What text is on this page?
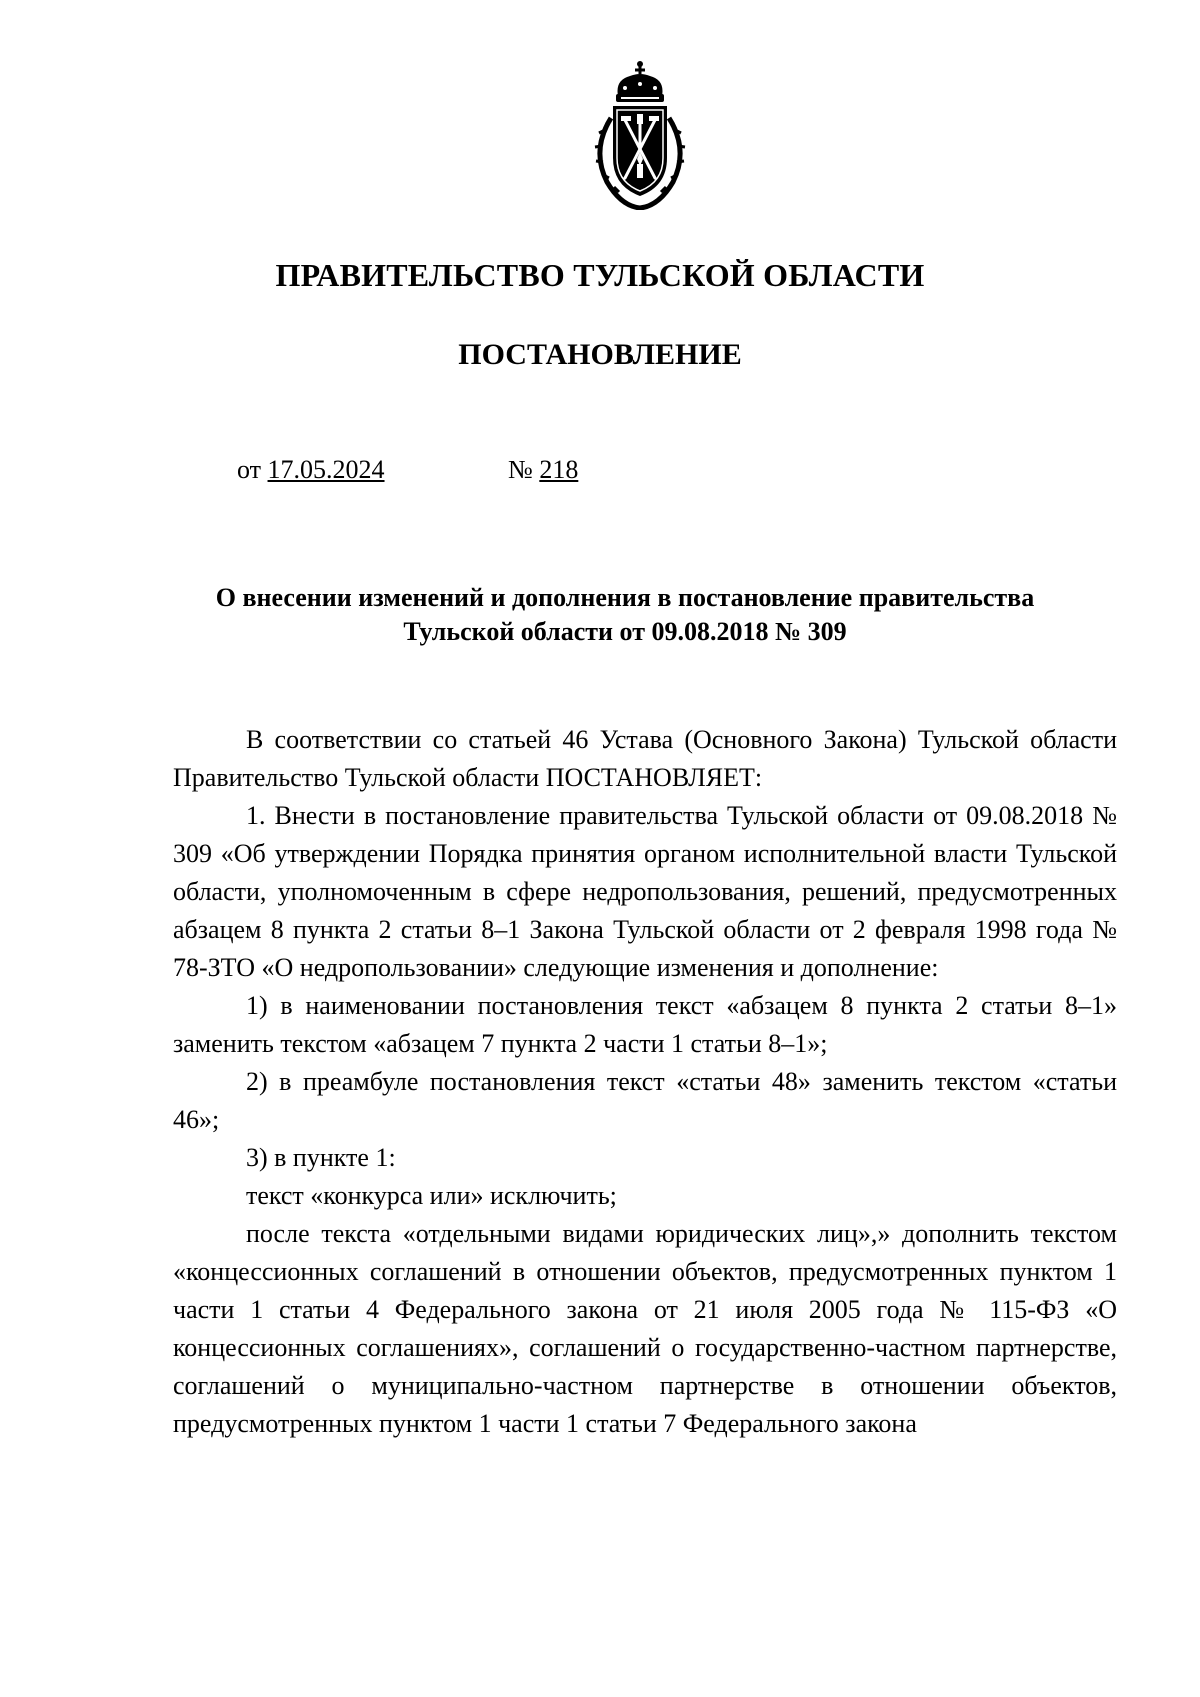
ПРАВИТЕЛЬСТВО ТУЛЬСКОЙ ОБЛАСТИ
ПОСТАНОВЛЕНИЕ
от 17.05.2024	№ 218
О внесении изменений и дополнения в постановление правительства
Тульской области от 09.08.2018 № 309

В соответствии со статьей 46 Устава (Основного Закона) Тульской области Правительство Тульской области ПОСТАНОВЛЯЕТ:

1. Внести в постановление правительства Тульской области от 09.08.2018 № 309 «Об утверждении Порядка принятия органом исполнительной власти Тульской области, уполномоченным в сфере недропользования, решений, предусмотренных абзацем 8 пункта 2 статьи 8–1 Закона Тульской области от 2 февраля 1998 года № 78-ЗТО «О недропользовании» следующие изменения и дополнение:

1) в наименовании постановления текст «абзацем 8 пункта 2 статьи 8–1» заменить текстом «абзацем 7 пункта 2 части 1 статьи 8–1»;

2) в преамбуле постановления текст «статьи 48» заменить текстом «статьи 46»;

3) в пункте 1:

текст «конкурса или» исключить;

после текста «отдельными видами юридических лиц»,» дополнить текстом «концессионных соглашений в отношении объектов, предусмотренных пунктом 1 части 1 статьи 4 Федерального закона от 21 июля 2005 года № 115-ФЗ «О концессионных соглашениях», соглашений о государственно-частном партнерстве, соглашений о муниципально-частном партнерстве в отношении объектов, предусмотренных пунктом 1 части 1 статьи 7 Федерального закона
